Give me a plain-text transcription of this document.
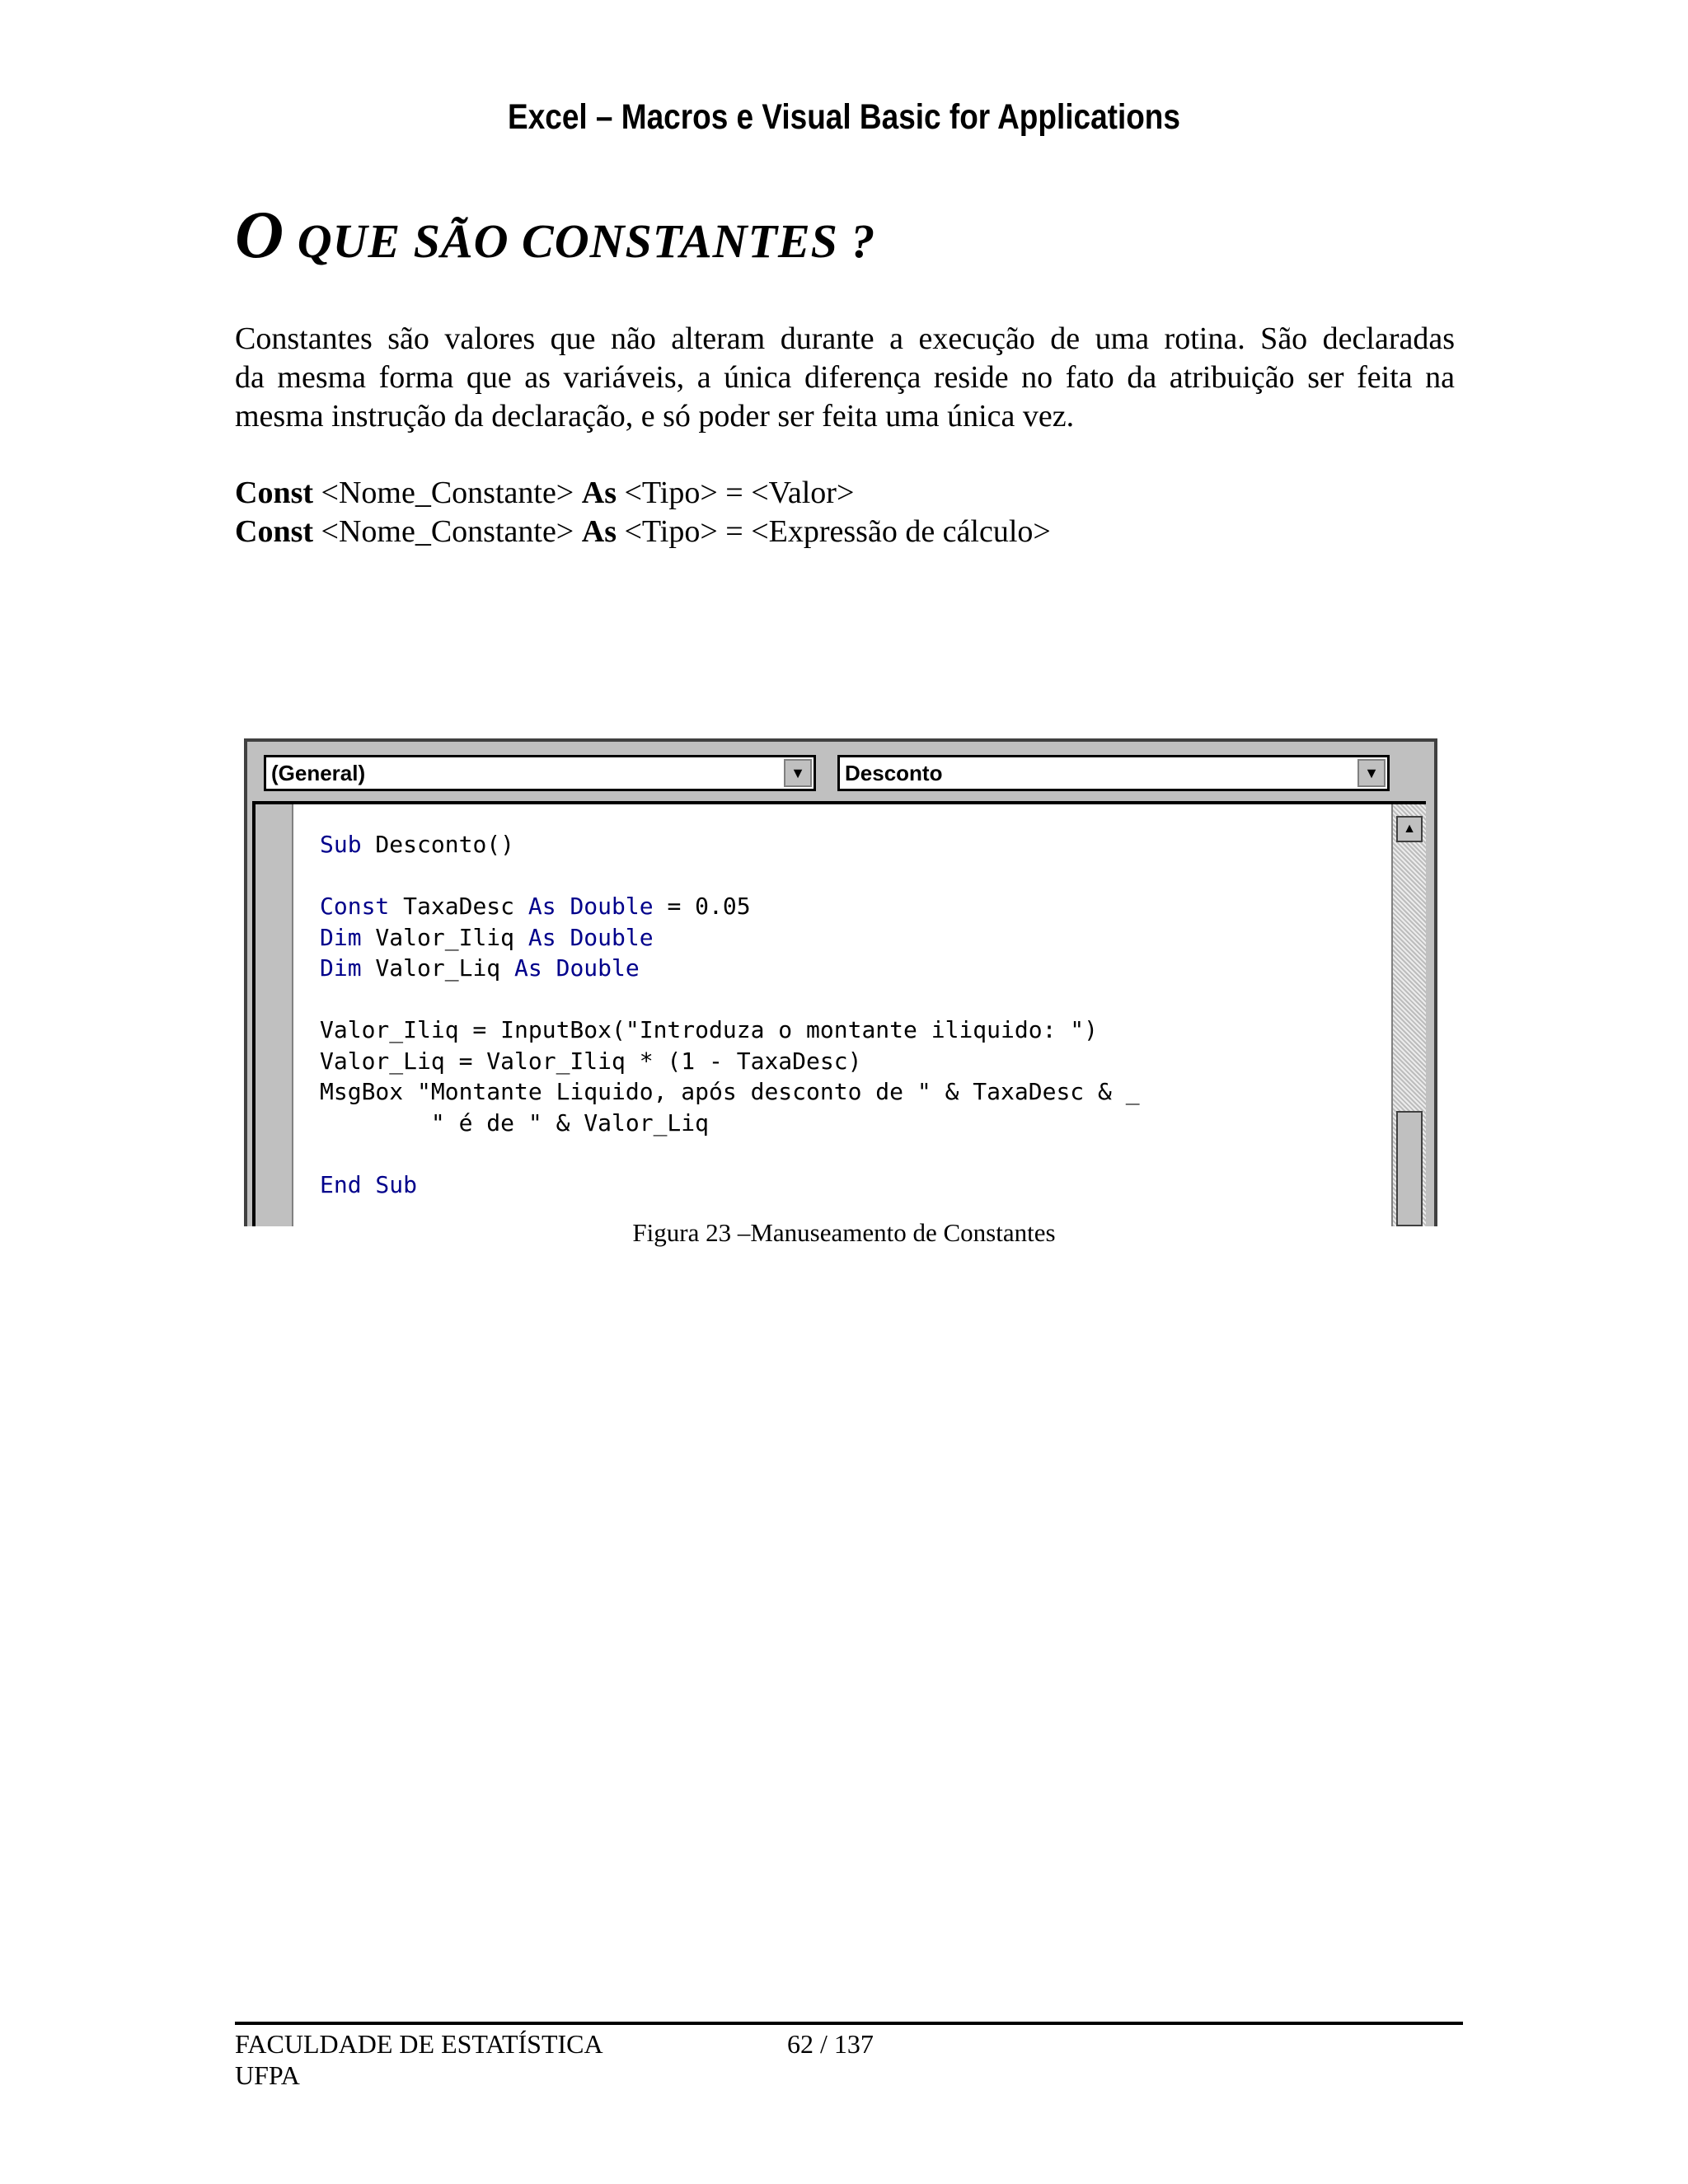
Excel – Macros e Visual Basic for Applications
O QUE SÃO CONSTANTES ?
Constantes são valores que não alteram durante a execução de uma rotina. São declaradas
da mesma forma que as variáveis, a única diferença reside no fato da atribuição ser feita na
mesma instrução da declaração, e só poder ser feita uma única vez.
Const <Nome_Constante> As <Tipo> = <Valor>
Const <Nome_Constante> As <Tipo> = <Expressão de cálculo>
(General)	▼	Desconto	▼
Sub Desconto()

Const TaxaDesc As Double = 0.05
Dim Valor_Iliq As Double
Dim Valor_Liq As Double

Valor_Iliq = InputBox("Introduza o montante iliquido: ")
Valor_Liq = Valor_Iliq * (1 - TaxaDesc)
MsgBox "Montante Liquido, após desconto de " & TaxaDesc & _
" é de " & Valor_Liq

End Sub
▲
Figura 23 –Manuseamento de Constantes
FACULDADE DE ESTATÍSTICA
UFPA
62 / 137
